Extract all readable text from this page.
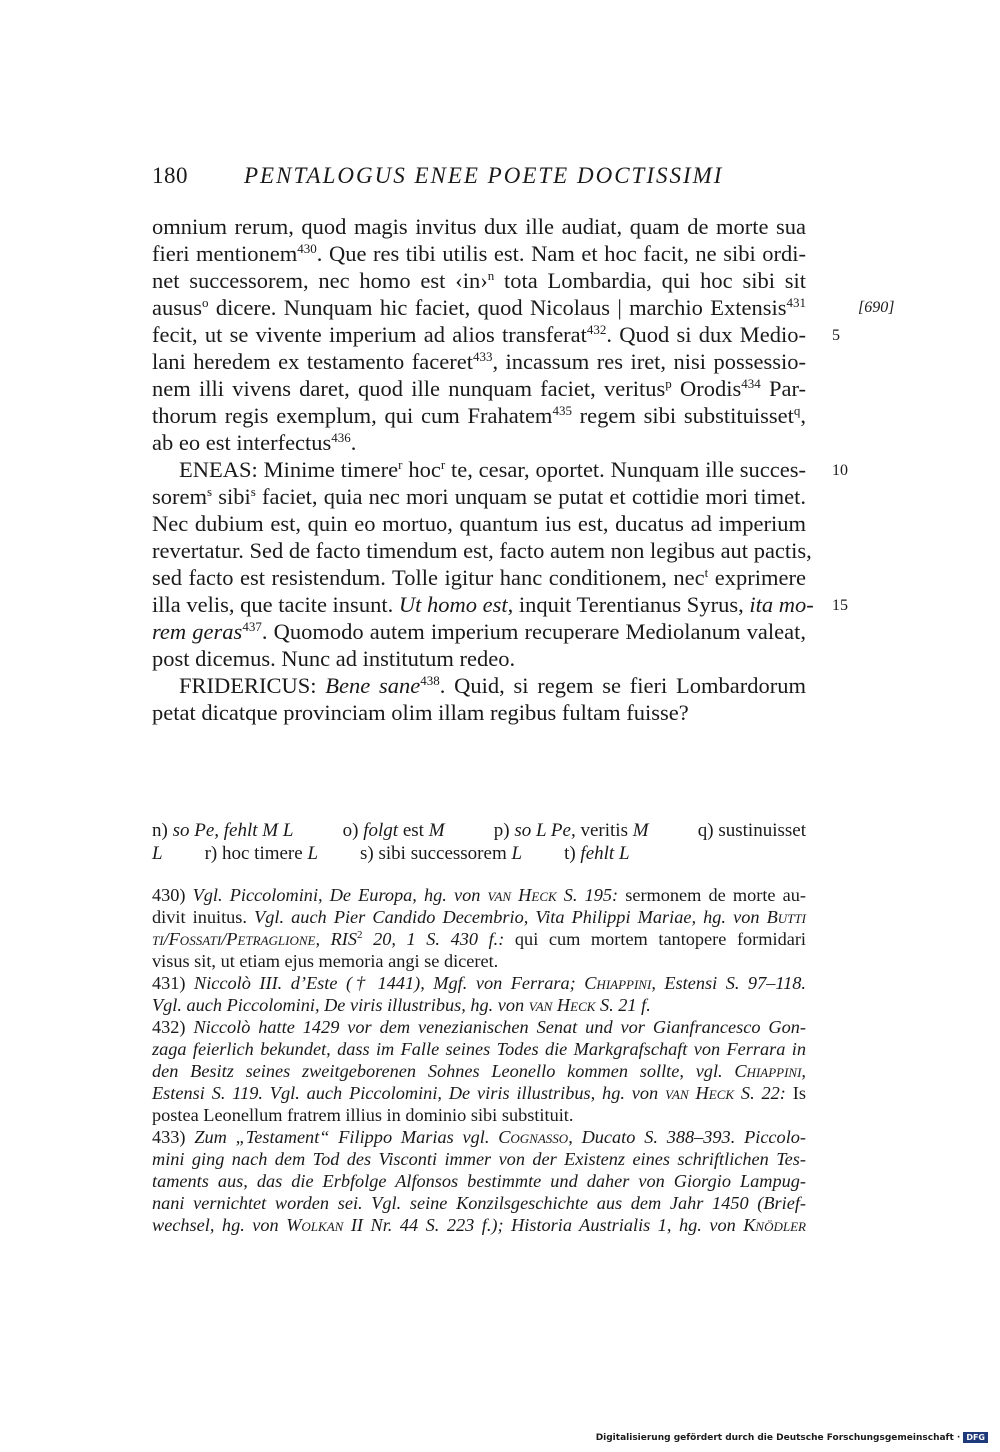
180 PENTALOGUS ENEE POETE DOCTISSIMI
[690]
5
10
15
omnium rerum, quod magis invitus dux ille audiat, quam de morte sua
fieri mentionem$^{430}$. Que res tibi utilis est. Nam et hoc facit, ne sibi ordi-
net successorem, nec homo est ‹in›$^n$ tota Lombardia, qui hoc sibi sit
ausus$^o$ dicere. Nunquam hic faciet, quod Nicolaus | marchio Extensis$^{431}$
fecit, ut se vivente imperium ad alios transferat$^{432}$. Quod si dux Medio-
lani heredem ex testamento faceret$^{433}$, incassum res iret, nisi possessio-
nem illi vivens daret, quod ille nunquam faciet, veritus$^p$ Orodis$^{434}$ Par-
thorum regis exemplum, qui cum Frahatem$^{435}$ regem sibi substituisset$^q$,
ab eo est interfectus$^{436}$.
ENEAS: Minime timere$^r$ hoc$^r$ te, cesar, oportet. Nunquam ille succes-
sorem$^s$ sibi$^s$ faciet, quia nec mori unquam se putat et cottidie mori timet.
Nec dubium est, quin eo mortuo, quantum ius est, ducatus ad imperium
revertatur. Sed de facto timendum est, facto autem non legibus aut pactis,
sed facto est resistendum. Tolle igitur hanc conditionem, nec$^t$ exprimere
illa velis, que tacite insunt. Ut homo est, inquit Terentianus Syrus, ita mo-
rem geras$^{437}$. Quomodo autem imperium recuperare Mediolanum valeat,
post dicemus. Nunc ad institutum redeo.
FRIDERICUS: Bene sane$^{438}$. Quid, si regem se fieri Lombardorum
petat dicatque provinciam olim illam regibus fultam fuisse?
n) so Pe, fehlt M L	o) folgt est M	p) so L Pe, veritis M	q) sustinuisset
L r) hoc timere L s) sibi successorem L t) fehlt L
430) Vgl. Piccolomini, De Europa, hg. von van Heck S. 195: sermonem de morte au-
divit inuitus. Vgl. auch Pier Candido Decembrio, Vita Philippi Mariae, hg. von Butti
ti/Fossati/Petraglione, RIS$^2$ 20, 1 S. 430 f.: qui cum mortem tantopere formidari
visus sit, ut etiam ejus memoria angi se diceret.
431) Niccolò III. d’Este († 1441), Mgf. von Ferrara; Chiappini, Estensi S. 97–118.
Vgl. auch Piccolomini, De viris illustribus, hg. von van Heck S. 21 f.
432) Niccolò hatte 1429 vor dem venezianischen Senat und vor Gianfrancesco Gon-
zaga feierlich bekundet, dass im Falle seines Todes die Markgrafschaft von Ferrara in
den Besitz seines zweitgeborenen Sohnes Leonello kommen sollte, vgl. Chiappini,
Estensi S. 119. Vgl. auch Piccolomini, De viris illustribus, hg. von van Heck S. 22: Is
postea Leonellum fratrem illius in dominio sibi substituit.
433) Zum „Testament“ Filippo Marias vgl. Cognasso, Ducato S. 388–393. Piccolo-
mini ging nach dem Tod des Visconti immer von der Existenz eines schriftlichen Tes-
taments aus, das die Erbfolge Alfonsos bestimmte und daher von Giorgio Lampug-
nani vernichtet worden sei. Vgl. seine Konzilsgeschichte aus dem Jahr 1450 (Brief-
wechsel, hg. von Wolkan II Nr. 44 S. 223 f.); Historia Austrialis 1, hg. von Knödler
Digitalisierung gefördert durch die Deutsche Forschungsgemeinschaft · DFG
